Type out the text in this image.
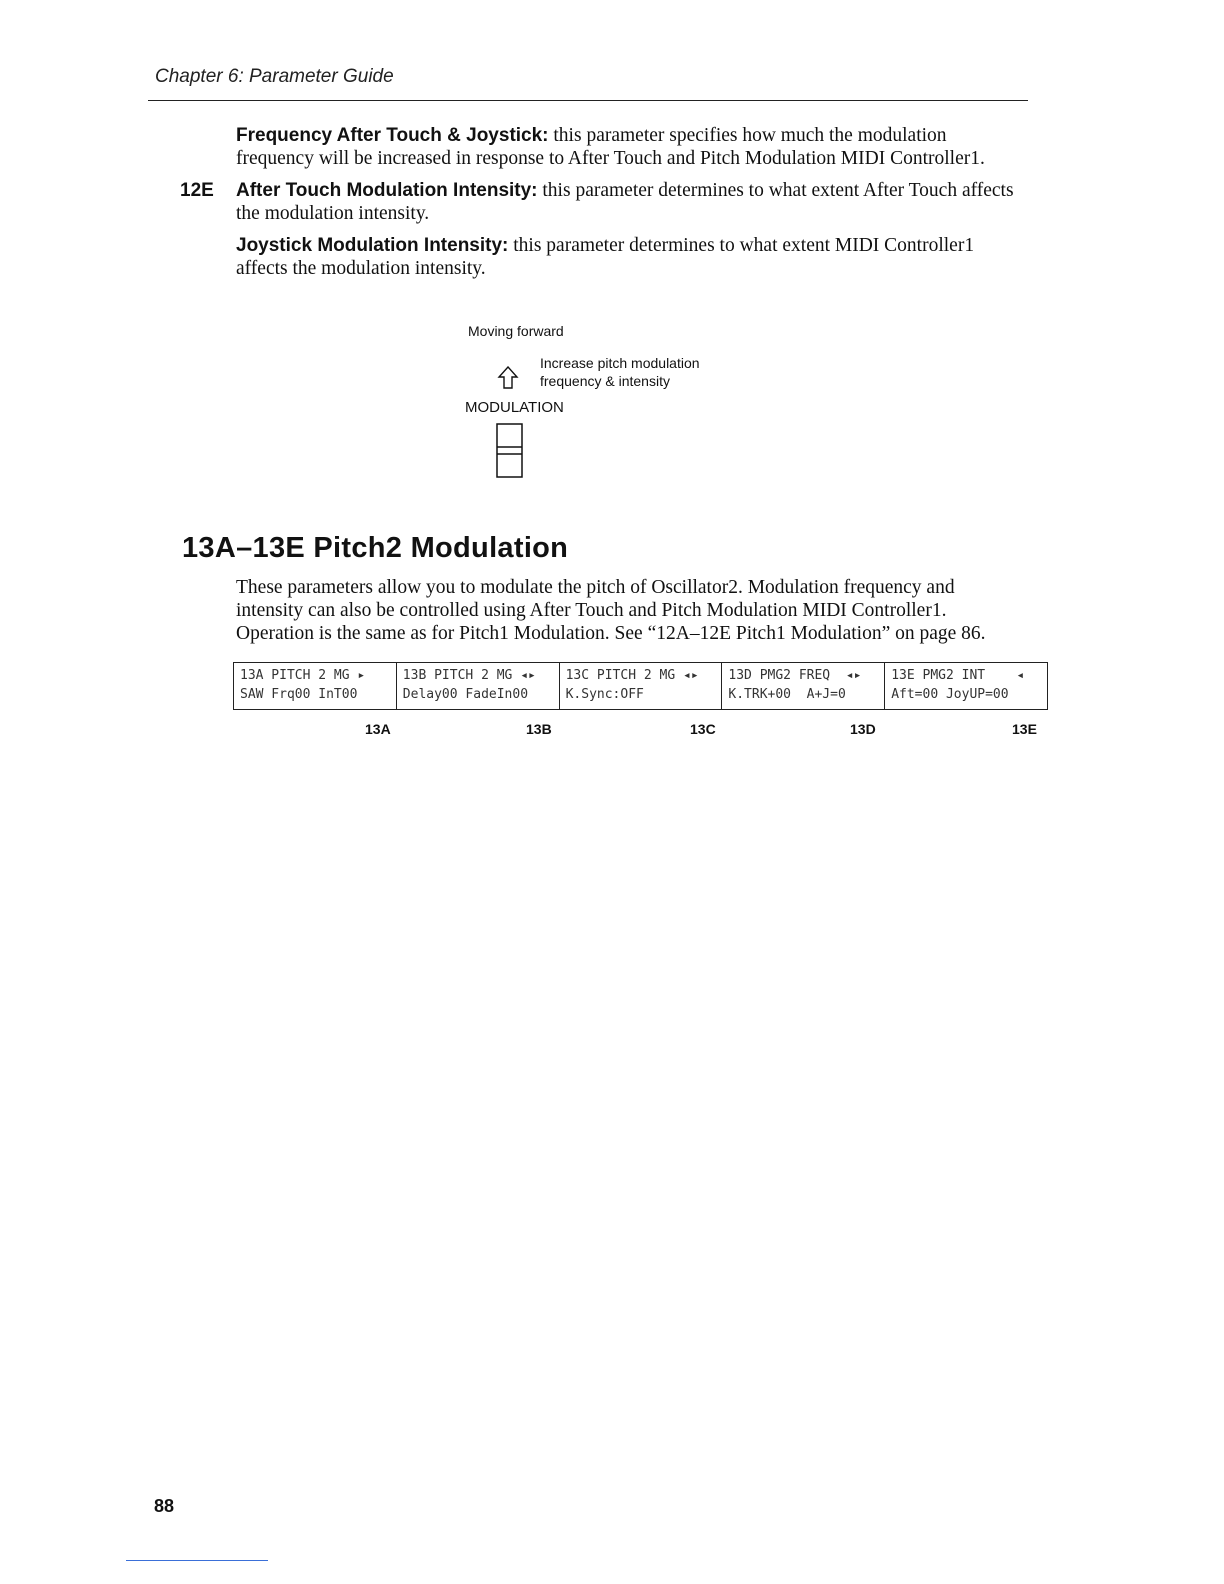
Chapter 6: Parameter Guide
Frequency After Touch & Joystick: this parameter specifies how much the modulation
frequency will be increased in response to After Touch and Pitch Modulation MIDI Controller1.
12E After Touch Modulation Intensity: this parameter determines to what extent After Touch affects
the modulation intensity.
Joystick Modulation Intensity: this parameter determines to what extent MIDI Controller1
affects the modulation intensity.
Moving forward
Increase pitch modulation
frequency & intensity
MODULATION
13A–13E Pitch2 Modulation
These parameters allow you to modulate the pitch of Oscillator2. Modulation frequency and
intensity can also be controlled using After Touch and Pitch Modulation MIDI Controller1.
Operation is the same as for Pitch1 Modulation. See “12A–12E Pitch1 Modulation” on page 86.
13A PITCH 2 MG ▸
SAW Frq00 InT00
13B PITCH 2 MG ◂▸
Delay00 FadeIn00
13C PITCH 2 MG ◂▸
K.Sync:OFF
13D PMG2 FREQ  ◂▸
K.TRK+00  A+J=0
13E PMG2 INT    ◂
Aft=00 JoyUP=00
13A	13B	13C	13D	13E
88
